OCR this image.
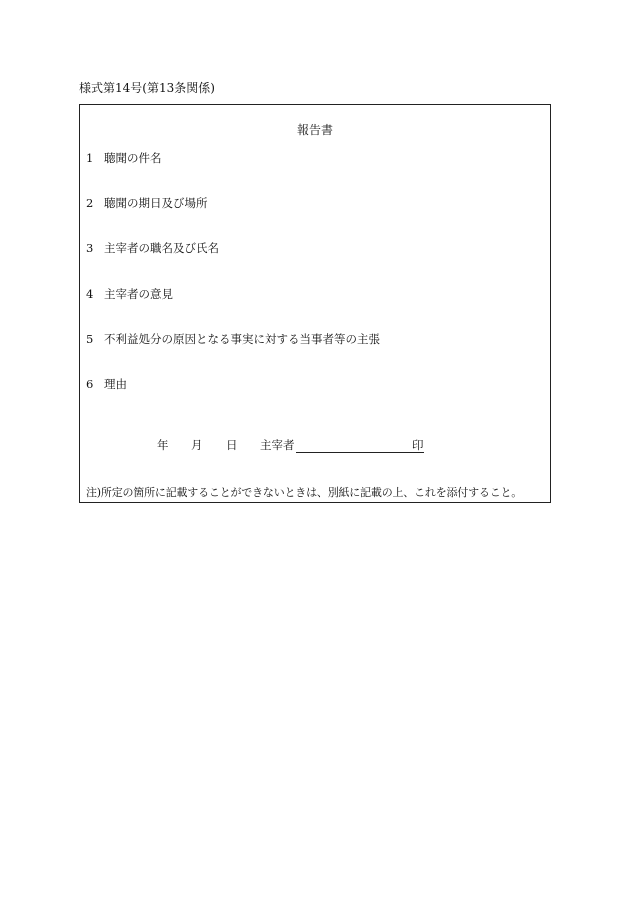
様式第14号(第13条関係)
報告書
1 聴聞の件名
2 聴聞の期日及び場所
3 主宰者の職名及び氏名
4 主宰者の意見
5 不利益処分の原因となる事実に対する当事者等の主張
6 理由
年 月 日 主宰者	印
注)所定の箇所に記載することができないときは、別紙に記載の上、これを添付すること。
